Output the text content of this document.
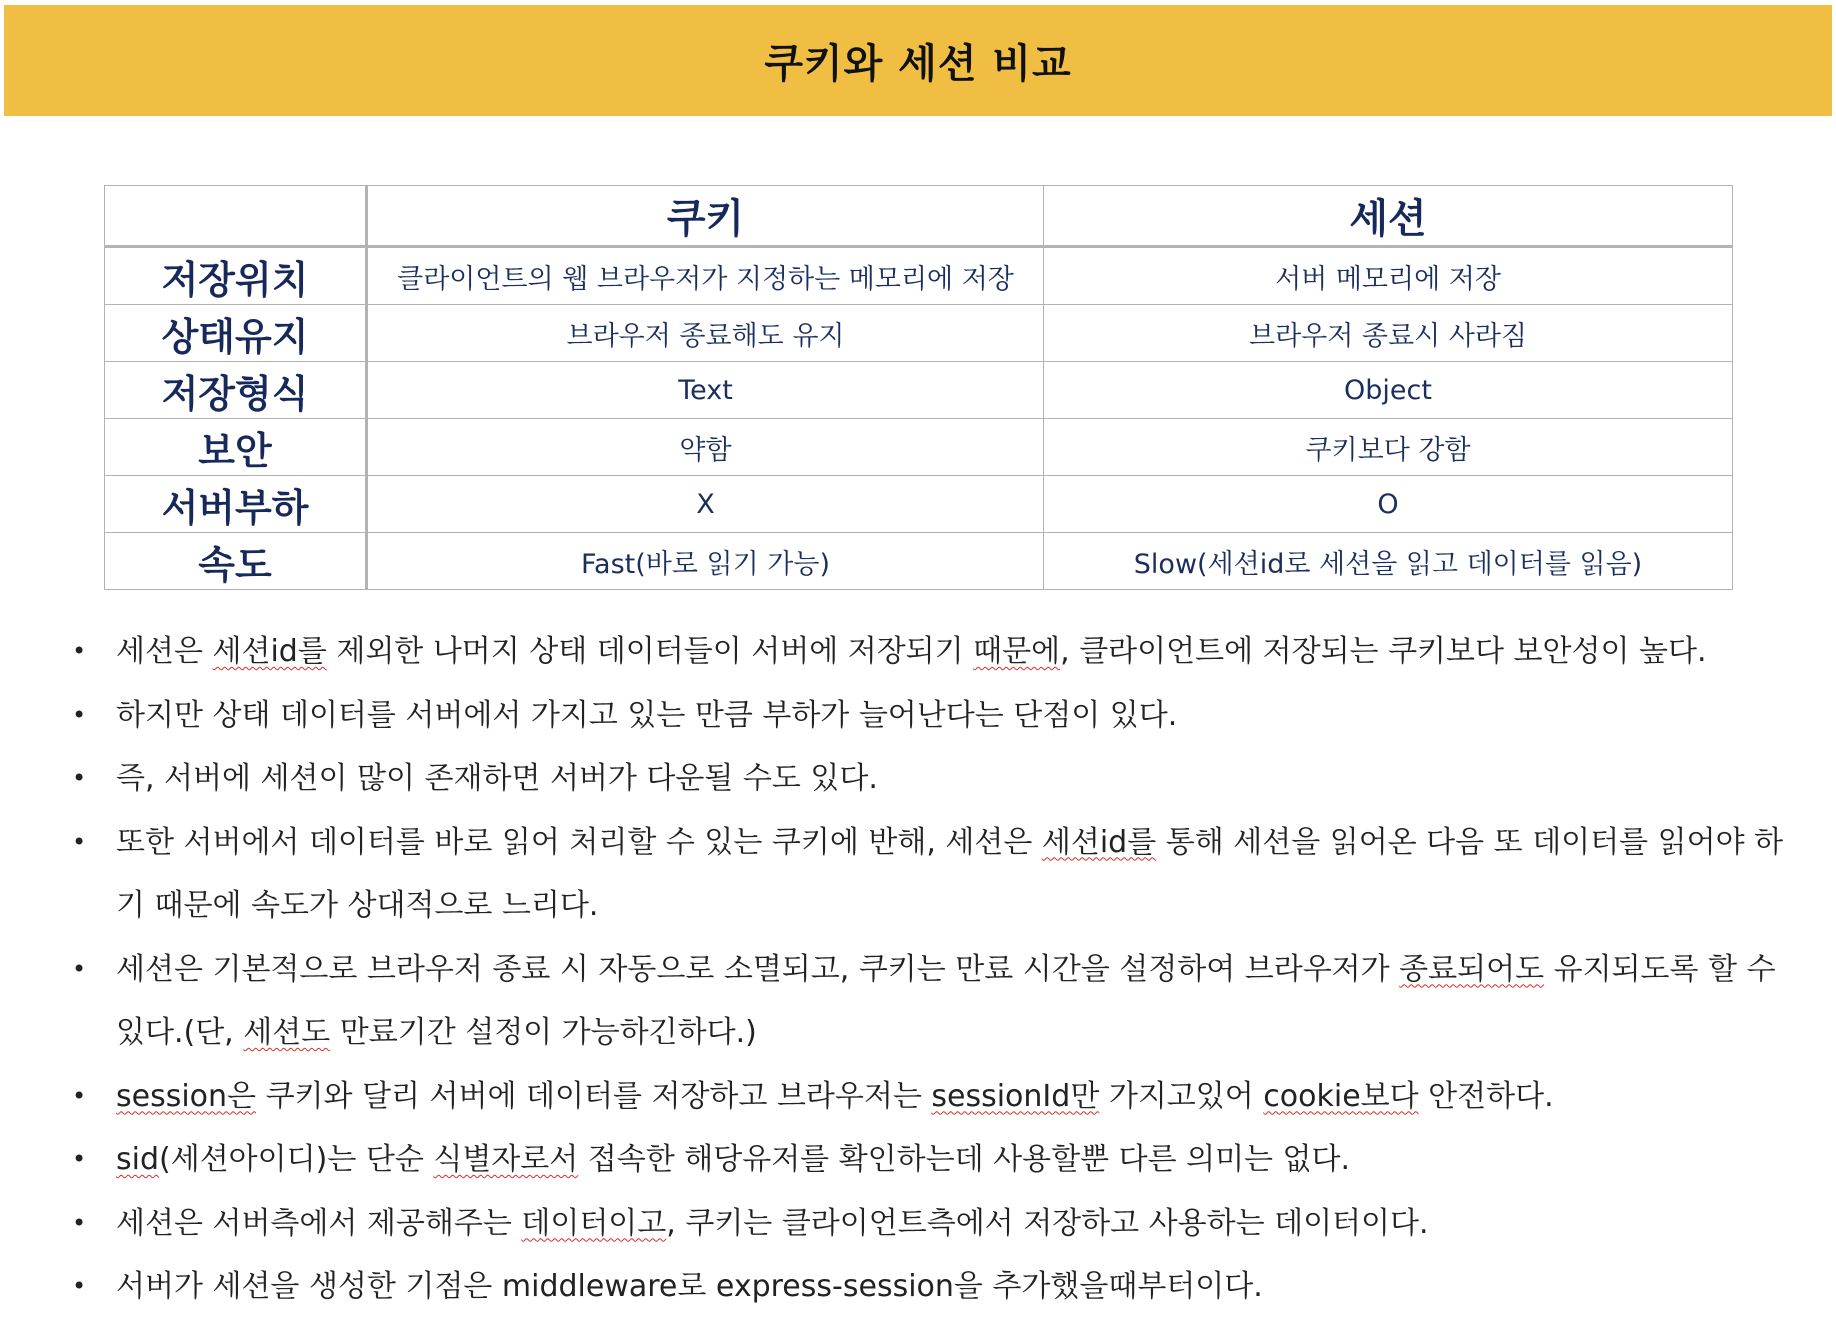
쿠키와 세션 비교
	쿠키	세션
저장위치	클라이언트의 웹 브라우저가 지정하는 메모리에 저장	서버 메모리에 저장
상태유지	브라우저 종료해도 유지	브라우저 종료시 사라짐
저장형식	Text	Object
보안	약함	쿠키보다 강함
서버부하	X	O
속도	Fast(바로 읽기 가능)	Slow(세션id로 세션을 읽고 데이터를 읽음)
• 세션은 세션id를 제외한 나머지 상태 데이터들이 서버에 저장되기 때문에, 클라이언트에 저장되는 쿠키보다 보안성이 높다.
• 하지만 상태 데이터를 서버에서 가지고 있는 만큼 부하가 늘어난다는 단점이 있다.
• 즉, 서버에 세션이 많이 존재하면 서버가 다운될 수도 있다.
• 또한 서버에서 데이터를 바로 읽어 처리할 수 있는 쿠키에 반해, 세션은 세션id를 통해 세션을 읽어온 다음 또 데이터를 읽어야 하기 때문에 속도가 상대적으로 느리다.
• 세션은 기본적으로 브라우저 종료 시 자동으로 소멸되고, 쿠키는 만료 시간을 설정하여 브라우저가 종료되어도 유지되도록 할 수 있다.(단, 세션도 만료기간 설정이 가능하긴하다.)
• session은 쿠키와 달리 서버에 데이터를 저장하고 브라우저는 sessionId만 가지고있어 cookie보다 안전하다.
• sid(세션아이디)는 단순 식별자로서 접속한 해당유저를 확인하는데 사용할뿐 다른 의미는 없다.
• 세션은 서버측에서 제공해주는 데이터이고, 쿠키는 클라이언트측에서 저장하고 사용하는 데이터이다.
• 서버가 세션을 생성한 기점은 middleware로 express-session을 추가했을때부터이다.
